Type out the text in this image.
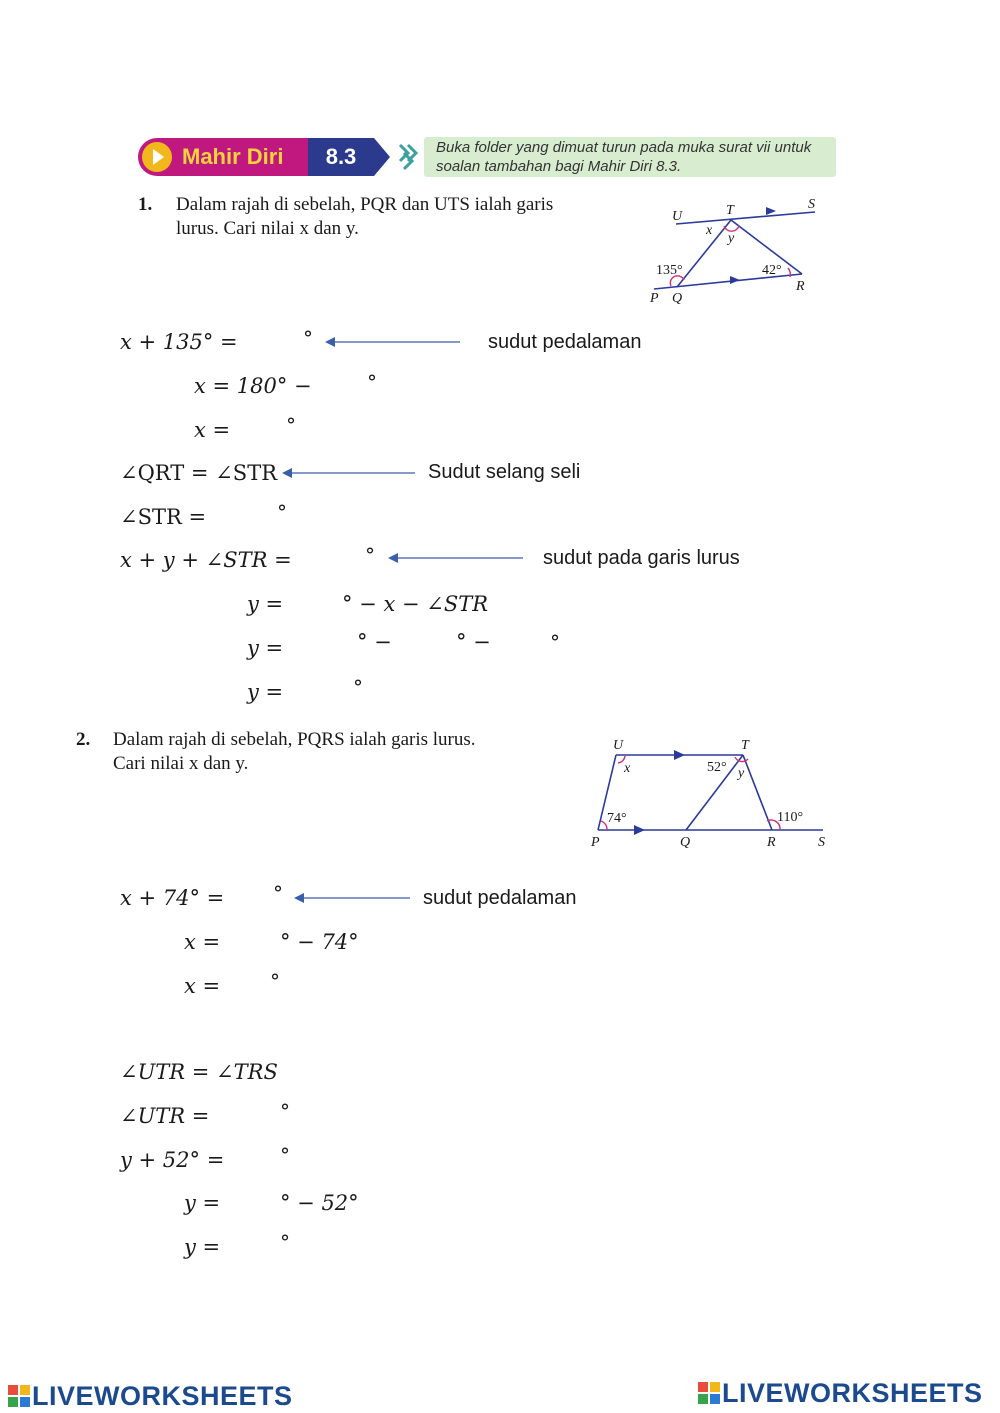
Mahir Diri	8.3	Buka folder yang dimuat turun pada muka surat vii untuk
soalan tambahan bagi Mahir Diri 8.3.
1. Dalam rajah di sebelah, PQR dan UTS ialah garis
lurus. Cari nilai x dan y.
U	T	S
x
y
135°	42°
P Q
R
x + 135° =	°	sudut pedalaman
x = 180° −	°
x =	°
∠QRT = ∠STR	Sudut selang seli
∠STR =	°
x + y + ∠STR =	°	sudut pada garis lurus
y =	° − x − ∠STR
y =	° −	° −	°
y =	°
2. Dalam rajah di sebelah, PQRS ialah garis lurus.
Cari nilai x dan y.
U	T
x	52° y
74°	110°
P	Q	R	S
x + 74° = °	sudut pedalaman
x =	° − 74°
x = °
∠UTR = ∠TRS
∠UTR =	°
y + 52° =	°
y =	° − 52°
y =	°
LIVEWORKSHEETS	LIVEWORKSHEETS
